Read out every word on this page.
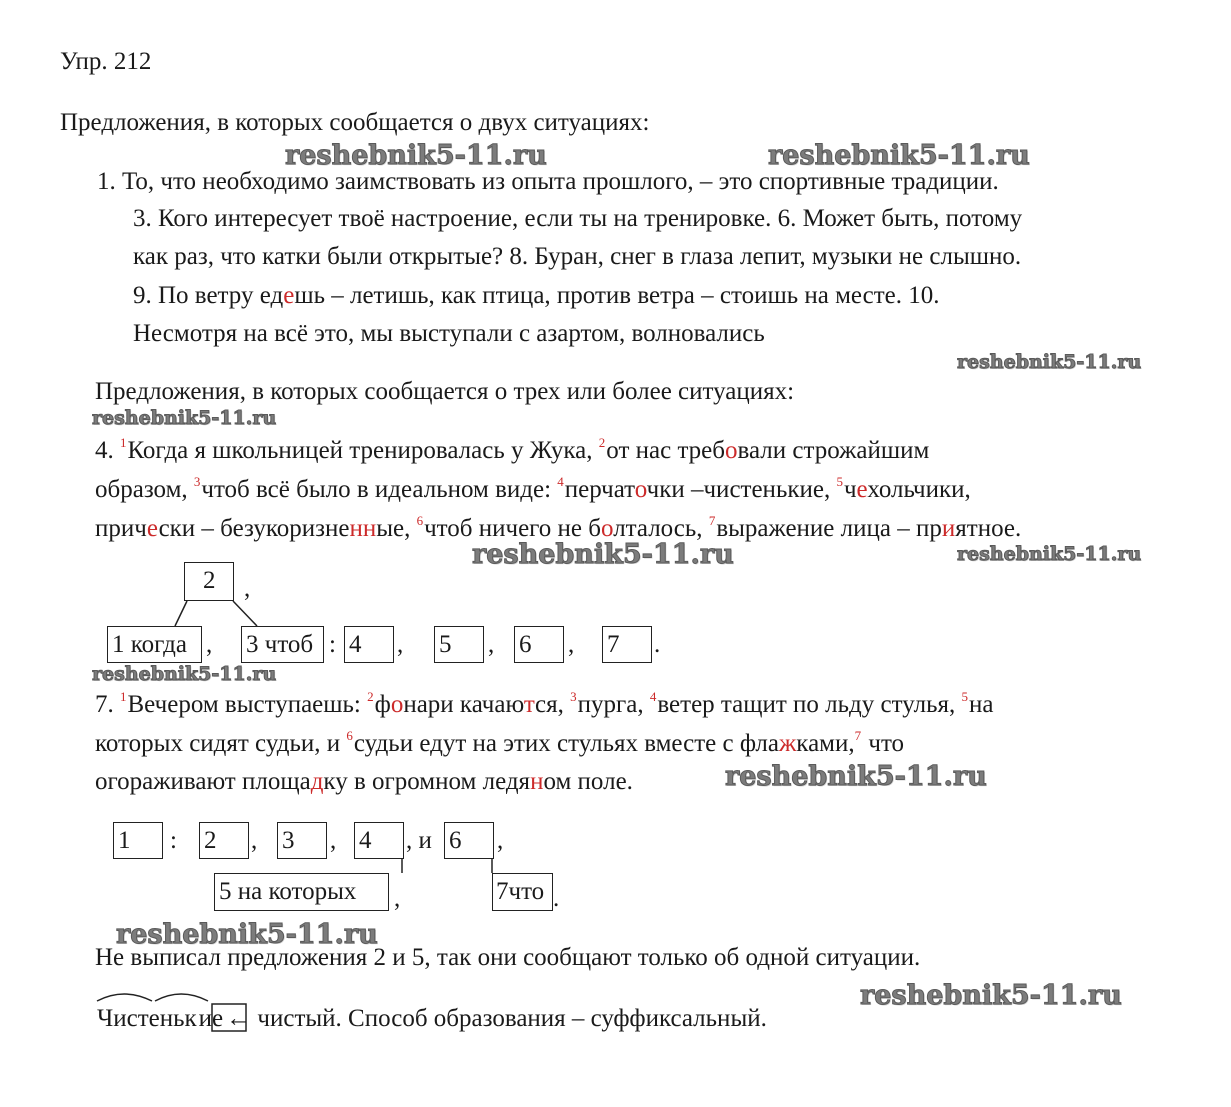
Упр. 212
Предложения, в которых сообщается о двух ситуациях:
reshebnik5-11.ru	reshebnik5-11.ru
1. То, что необходимо заимствовать из опыта прошлого, – это спортивные традиции.
3. Кого интересует твоё настроение, если ты на тренировке. 6. Может быть, потому
как раз, что катки были открытые? 8. Буран, снег в глаза лепит, музыки не слышно.
9. По ветру едешь – летишь, как птица, против ветра – стоишь на месте. 10.
Несмотря на всё это, мы выступали с азартом, волновались
reshebnik5-11.ru
Предложения, в которых сообщается о трех или более ситуациях:
reshebnik5-11.ru
4. $^1$Когда я школьницей тренировалась у Жука, $^2$от нас требовали строжайшим
образом, $^3$чтоб всё было в идеальном виде: $^4$перчаточки –чистенькие, $^5$чехольчики,
прически – безукоризненные, $^6$чтоб ничего не болталось, $^7$выражение лица – приятное.
reshebnik5-11.ru	reshebnik5-11.ru
2	,
1 когда , 3 чтоб : 4	, 5	, 6	, 7	.
reshebnik5-11.ru
7. $^1$Вечером выступаешь: $^2$фонари качаются, $^3$пурга, $^4$ветер тащит по льду стулья, $^5$на
которых сидят судьи, и $^6$судьи едут на этих стульях вместе с флажками,$^7$ что
огораживают площадку в огромном ледяном поле.	reshebnik5-11.ru
1	: 2	, 3	, 4	, и 6	,
5 на которых	,	7что .
reshebnik5-11.ru
Не выписал предложения 2 и 5, так они сообщают только об одной ситуации.
reshebnik5-11.ru
Чистенькие ← чистый. Способ образования – суффиксальный.
